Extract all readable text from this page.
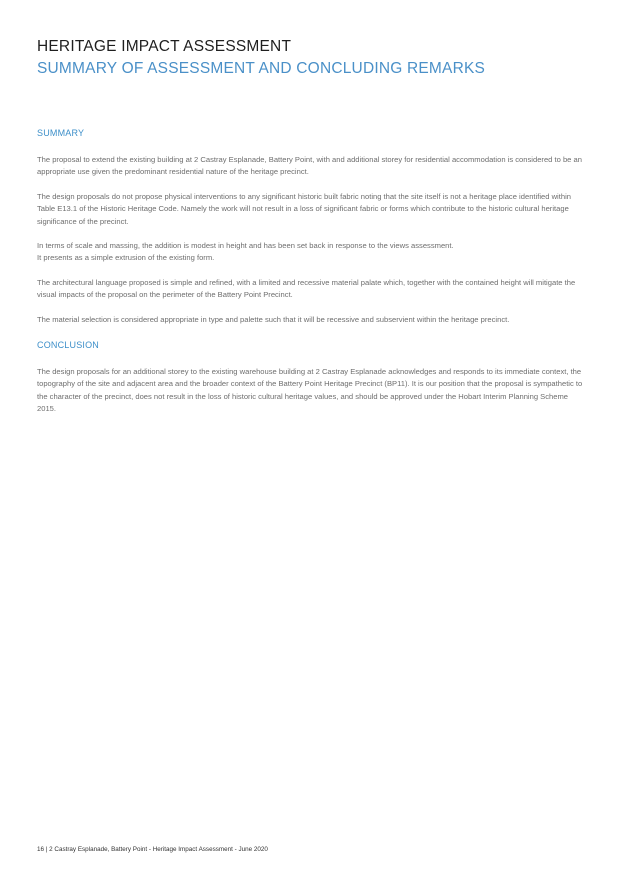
HERITAGE IMPACT ASSESSMENT
SUMMARY OF ASSESSMENT AND CONCLUDING REMARKS
SUMMARY

The proposal to extend the existing building at 2 Castray Esplanade, Battery Point, with and additional storey for residential accommodation is considered to be an appropriate use given the predominant residential nature of the heritage precinct.

The design proposals do not propose physical interventions to any significant historic built fabric noting that the site itself is not a heritage place identified within Table E13.1 of the Historic Heritage Code. Namely the work will not result in a loss of significant fabric or forms which contribute to the historic cultural heritage significance of the precinct.

In terms of scale and massing, the addition is modest in height and has been set back in response to the views assessment.

It presents as a simple extrusion of the existing form.

The architectural language proposed is simple and refined, with a limited and recessive material palate which, together with the contained height will mitigate the visual impacts of the proposal on the perimeter of the Battery Point Precinct.

The material selection is considered appropriate in type and palette such that it will be recessive and subservient within the heritage precinct.

CONCLUSION

The design proposals for an additional storey to the existing warehouse building at 2 Castray Esplanade acknowledges and responds to its immediate context, the topography of the site and adjacent area and the broader context of the Battery Point Heritage Precinct (BP11). It is our position that the proposal is sympathetic to the character of the precinct, does not result in the loss of historic cultural heritage values, and should be approved under the Hobart Interim Planning Scheme 2015.

16 | 2 Castray Esplanade, Battery Point - Heritage Impact Assessment - June 2020
